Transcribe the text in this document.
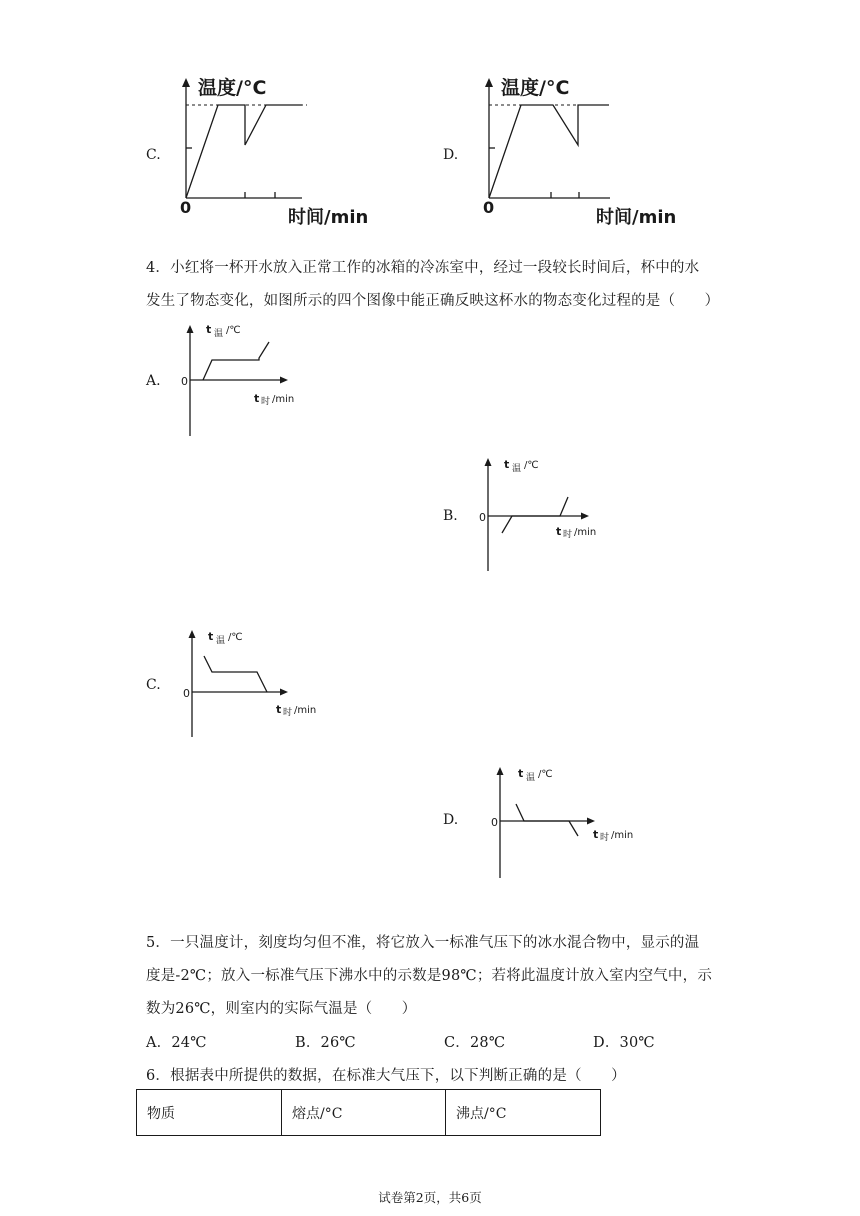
C.
温度/°C
0	时间/min
D.
温度/°C
0	时间/min
4．小红将一杯开水放入正常工作的冰箱的冷冻室中，经过一段较长时间后，杯中的水
发生了物态变化，如图所示的四个图像中能正确反映这杯水的物态变化过程的是（　　）
A.
t 温 /℃
0
t 时 /min
B.
t 温 /℃
0
t 时 /min
C.
t 温 /℃
0
t 时 /min
D.
t 温 /℃
0
t 时 /min
5．一只温度计，刻度均匀但不准，将它放入一标准气压下的冰水混合物中，显示的温
度是-2℃；放入一标准气压下沸水中的示数是98℃；若将此温度计放入室内空气中，示
数为26℃，则室内的实际气温是（　　）
A．24℃	B．26℃	C．28℃	D．30℃
6．根据表中所提供的数据，在标准大气压下，以下判断正确的是（　　）
物质	熔点/°C	沸点/°C
试卷第2页，共6页
